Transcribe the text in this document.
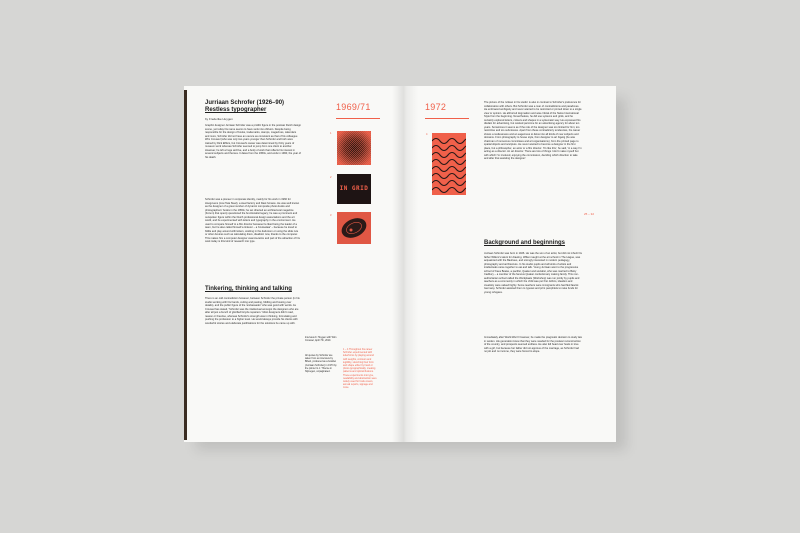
Jurriaan Schrofer (1926–90)
Restless typographer

by Frederike Huygen

Graphic designer Jurriaan Schrofer was a prolific figure in the postwar Dutch design scene, yet today his name seems to have sunk into oblivion. Despite being responsible for the design of books, trademarks, stamps, magazines, calendars and more, Schrofer did not have an oeuvre as consistent as that of his colleague Wim Crouwel (who was only two years younger than Schrofer and both were trained by Dick Elffers, but Crouwel's career was determined by thirty years of museum work whereas Schrofer seemed to jump from one client to another. However, he left a huge archive, and a body of work that reflects his interest in several subjects and themes. It dates from the 1950s, and ends in 1990, the year of his death.

Schrofer was a pioneer in corporate identity, mainly for his work in 1960 for Hoogovens (now Tata Steel), a steel factory and blast furnace. He was well known as the designer of a great number of dynamic composite photo-books and photographers' books in the 1950s; he set directed an architectural magazine (Forum) that openly questioned the functionalist legacy; he was a prominent and outspoken figure within the Dutch professional design associations and the art world, and he experimented with letters and typography in the environment. He used to compare himself to a film director because he liked being the leader of a team, but he also called himself a tinkerer – a 'knutselaar' – because he loved to fiddle and play around with letters, working in the darkroom or using the slide rule or other devices such as calculating discs, idealistic now, thanks to the computer. This makes him a computer designer avant-la-lettre and part of the attraction of his work today is this kind of research into type.

Tinkering, thinking and talking

There is an odd contradiction however, between Schrofer the private person (in his studio working with his hands, cutting and pasting, fiddling and fussing over details), and the public figure of the 'ambassador' who was good with words. As Crouwel has stated, 'Schrofer was the intellectual amongst the designers who are after all just a bunch of glorified bicycle repairers.' Most designers didn't read, reason or theorise, whereas Schrofer's strength was in thinking, formulating and pushing the profession to a higher level. He would always provide his clients with wonderful stories and elaborate justifications for the solutions he came up with.

Interview F. Huygen with Wim Crouwel, April 7th, 2010.

All quotes by Schrofer are taken from an interview by Bibeb, produced as a booklet (Jurriaan Schrofer) in 1973 by the printer G.J. Thieme in Nijmegen, unpaginated.

1969/71
1
2
IN GRID
3

1 – 4 Throughout his career Schrofer experimented with letterforms by playing around with weights, contours and legibility, stretching their form and shape either by hand or photo-typographically, creating patterns and optical illusions. These experiments into type, readability and abstraction were widely used for book covers, annual reports, signage and more.

1972
4

The picture of the 'artisan in his studio' is also in contrast to Schrofer's preference for collaboration with others. But Schrofer was a man of contradictions and paradoxes. He embraced ambiguity and never wanted to be restricted or pinned down to a single view or opinion. He abhorred dogmatism and was critical of the Swiss International Style from the beginning. Nevertheless, he did use systems and grids, and he certainly explored letters, colours and shapes in a systematic way. He expressed his disdain for advertising, but worked part-time for an advertising agency for about ten years. Sometimes it seems as if the role of the designer was too limited for him; too restrictive and too submissive. Apart from these contradictory tendencies, his career shows a restlessness and an eagerness to delve into all kinds of new subjects and domains. From photography to house style, from designer to art bigwig (he was chairman of numerous committees and art organisations), from the printed page to spatial objects and sculpture. He never wanted to become a designer in the first place, but a philosopher, an actor or a film director. 'It's like this,' he said, 'in a way I'm acting as a director. An art director. There are lots of things I don't make myself but with which I'm involved, enjoying the commission, deciding which direction to take and after that assisting the designer.'

25 – 32
Background and beginnings

Jurriaan Schrofer was born in 1926. He was the son of an artist, but did not inherit his father Willem's talent for drawing. Willem taught at the art school in The Hague, was acquainted with the Bauhaus, and strongly interested in modern pedagogy, photography and architecture. In his studio pupils and all kinds of artists and intellectuals came together to eat and talk. Young Jurriaan went to the progressive school of Kees Boeke, a pacifist, Quaker and socialist, who was married to Betty Cadbury – a member of the famous Quaker confectionary making family. This non-authoritarian school called the Werkplaats (Workshop) was run jointly by pupils and teachers as a community in which the child was put first. Ethics, idealism and creativity were valued highly. Some teachers were immigrants who had fled fascist Germany. Schrofer assisted them to typeset and print pamphlets to raise funds for young refugees.

Immediately after World War II however, he made the pragmatic decision to study law in Leiden. His generation knew that they were needed for the postwar reconstruction of the country, and prospects seemed endless. He also fell head over heels in love with a girl, but because her father did not approve of the marriage, as Schrofer had no job and no income, they were forced to elope.
